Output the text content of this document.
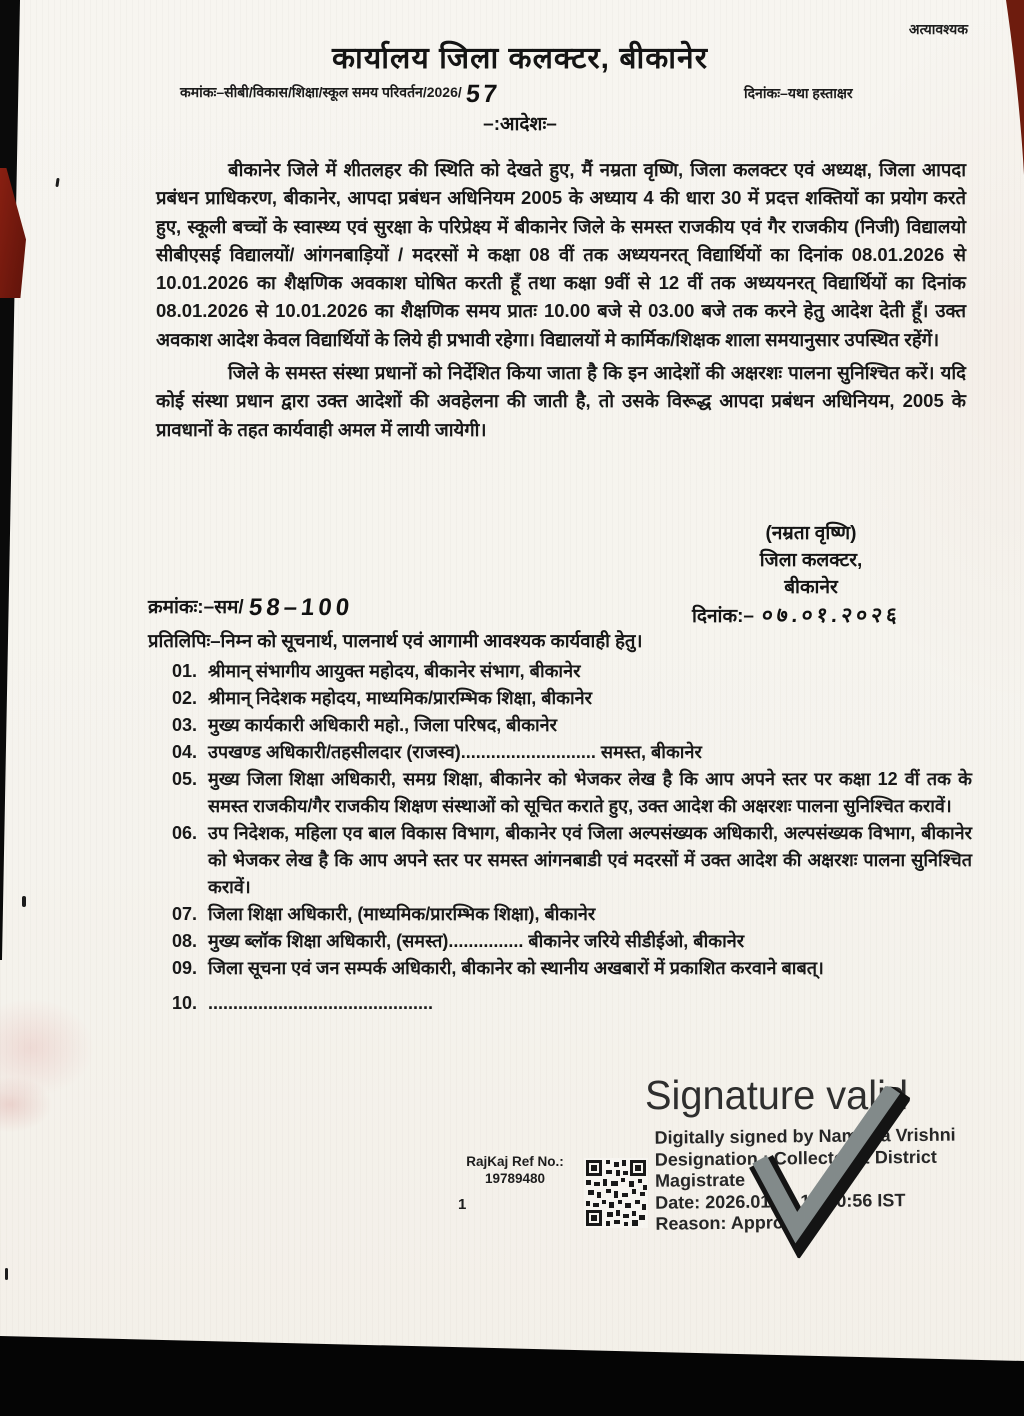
अत्यावश्यक
कार्यालय जिला कलक्टर, बीकानेर
कमांकः–सीबी/विकास/शिक्षा/स्कूल समय परिवर्तन/2026/ 57	दिनांकः–यथा हस्ताक्षर
–:आदेशः–

बीकानेर जिले में शीतलहर की स्थिति को देखते हुए, मैं नम्रता वृष्णि, जिला कलक्टर एवं अध्यक्ष, जिला आपदा प्रबंधन प्राधिकरण, बीकानेर, आपदा प्रबंधन अधिनियम 2005 के अध्याय 4 की धारा 30 में प्रदत्त शक्तियों का प्रयोग करते हुए, स्कूली बच्चों के स्वास्थ्य एवं सुरक्षा के परिप्रेक्ष्य में बीकानेर जिले के समस्त राजकीय एवं गैर राजकीय (निजी) विद्यालयो सीबीएसई विद्यालयों/ आंगनबाड़ियों / मदरसों मे कक्षा 08 वीं तक अध्ययनरत् विद्यार्थियों का दिनांक 08.01.2026 से 10.01.2026 का शैक्षणिक अवकाश घोषित करती हूँ तथा कक्षा 9वीं से 12 वीं तक अध्ययनरत् विद्यार्थियों का दिनांक 08.01.2026 से 10.01.2026 का शैक्षणिक समय प्रातः 10.00 बजे से 03.00 बजे तक करने हेतु आदेश देती हूँ। उक्त अवकाश आदेश केवल विद्यार्थियों के लिये ही प्रभावी रहेगा। विद्यालयों मे कार्मिक/शिक्षक शाला समयानुसार उपस्थित रहेंगें।

जिले के समस्त संस्था प्रधानों को निर्देशित किया जाता है कि इन आदेशों की अक्षरशः पालना सुनिश्चित करें। यदि कोई संस्था प्रधान द्वारा उक्त आदेशों की अवहेलना की जाती है, तो उसके विरूद्ध आपदा प्रबंधन अधिनियम, 2005 के प्रावधानों के तहत कार्यवाही अमल में लायी जायेगी।

(नम्रता वृष्णि)
जिला कलक्टर,
बीकानेर
दिनांक:– ०७.०१.२०२६
क्रमांकः:–सम/ 58–100
प्रतिलिपिः–निम्न को सूचनार्थ, पालनार्थ एवं आगामी आवश्यक कार्यवाही हेतु।
01. श्रीमान् संभागीय आयुक्त महोदय, बीकानेर संभाग, बीकानेर
02. श्रीमान् निदेशक महोदय, माध्यमिक/प्रारम्भिक शिक्षा, बीकानेर
03. मुख्य कार्यकारी अधिकारी महो., जिला परिषद, बीकानेर
04. उपखण्ड अधिकारी/तहसीलदार (राजस्व)........................... समस्त, बीकानेर
05. मुख्य जिला शिक्षा अधिकारी, समग्र शिक्षा, बीकानेर को भेजकर लेख है कि आप अपने स्तर पर कक्षा 12 वीं तक के समस्त राजकीय/गैर राजकीय शिक्षण संस्थाओं को सूचित कराते हुए, उक्त आदेश की अक्षरशः पालना सुनिश्चित करावें।
06. उप निदेशक, महिला एव बाल विकास विभाग, बीकानेर एवं जिला अल्पसंख्यक अधिकारी, अल्पसंख्यक विभाग, बीकानेर को भेजकर लेख है कि आप अपने स्तर पर समस्त आंगनबाडी एवं मदरसों में उक्त आदेश की अक्षरशः पालना सुनिश्चित करावें।
07. जिला शिक्षा अधिकारी, (माध्यमिक/प्रारम्भिक शिक्षा), बीकानेर
08. मुख्य ब्लॉक शिक्षा अधिकारी, (समस्त)............... बीकानेर जरिये सीडीईओ, बीकानेर
09. जिला सूचना एवं जन सम्पर्क अधिकारी, बीकानेर को स्थानीय अखबारों में प्रकाशित करवाने बाबत्।
10. .............................................
Signature valid
Digitally signed by Namrata Vrishni
Designation : Collector & District
Magistrate
Date: 2026.01.07 15:10:56 IST
Reason: Approved
RajKaj Ref No.:
19789480
1
